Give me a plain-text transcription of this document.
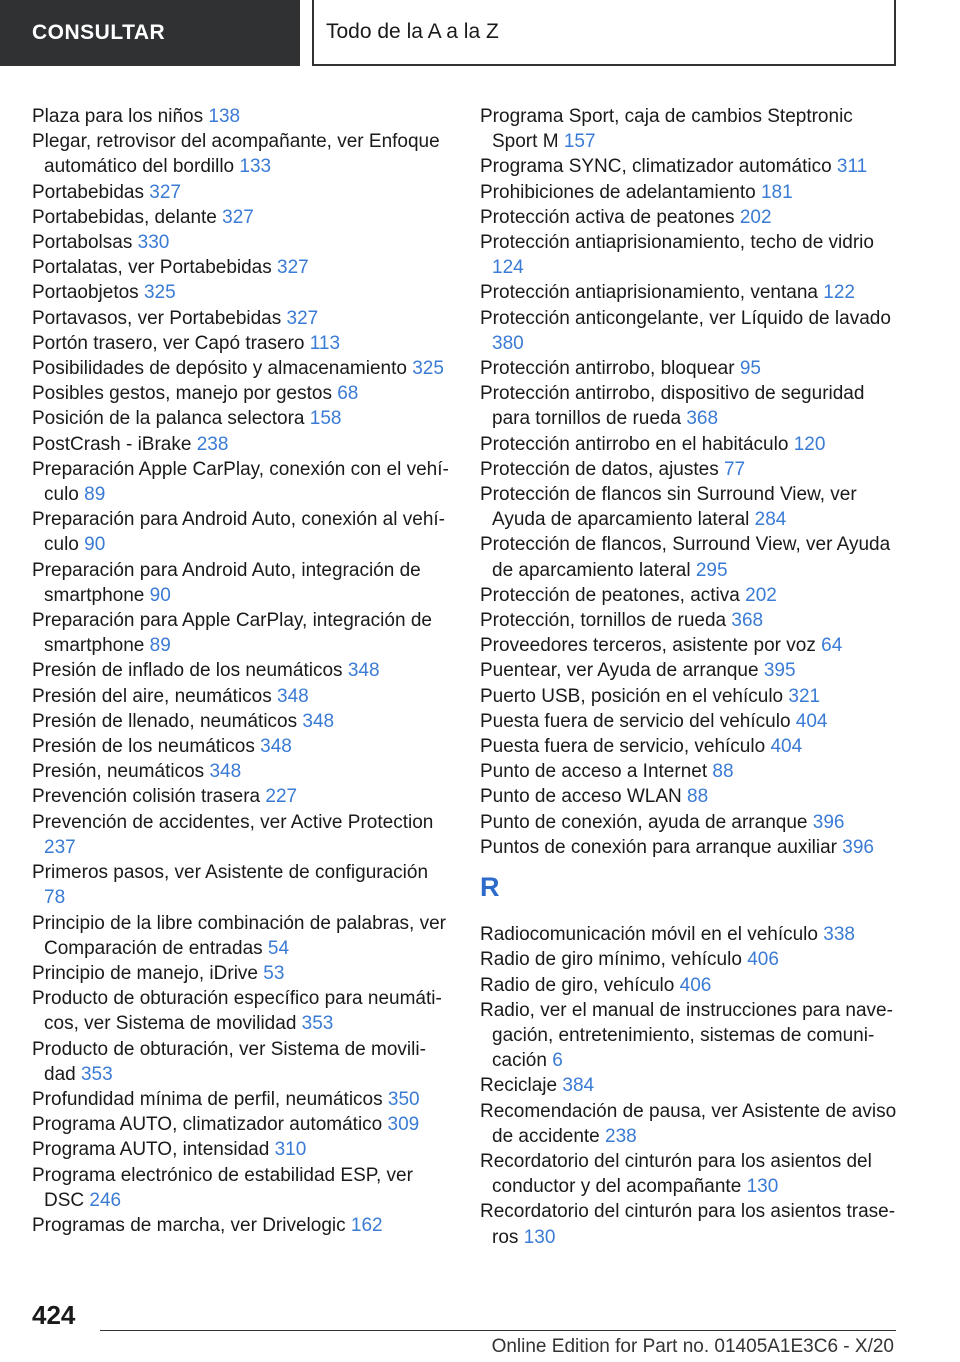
CONSULTAR	Todo de la A a la Z
Plaza para los niños 138
Plegar, retrovisor del acompañante, ver Enfoque automático del bordillo 133
Portabebidas 327
Portabebidas, delante 327
Portabolsas 330
Portalatas, ver Portabebidas 327
Portaobjetos 325
Portavasos, ver Portabebidas 327
Portón trasero, ver Capó trasero 113
Posibilidades de depósito y almacenamiento 325
Posibles gestos, manejo por gestos 68
Posición de la palanca selectora 158
PostCrash - iBrake 238
Preparación Apple CarPlay, conexión con el vehículo 89
Preparación para Android Auto, conexión al vehículo 90
Preparación para Android Auto, integración de smartphone 90
Preparación para Apple CarPlay, integración de smartphone 89
Presión de inflado de los neumáticos 348
Presión del aire, neumáticos 348
Presión de llenado, neumáticos 348
Presión de los neumáticos 348
Presión, neumáticos 348
Prevención colisión trasera 227
Prevención de accidentes, ver Active Protection 237
Primeros pasos, ver Asistente de configuración 78
Principio de la libre combinación de palabras, ver Comparación de entradas 54
Principio de manejo, iDrive 53
Producto de obturación específico para neumáticos, ver Sistema de movilidad 353
Producto de obturación, ver Sistema de movilidad 353
Profundidad mínima de perfil, neumáticos 350
Programa AUTO, climatizador automático 309
Programa AUTO, intensidad 310
Programa electrónico de estabilidad ESP, ver DSC 246
Programas de marcha, ver Drivelogic 162
Programa Sport, caja de cambios Steptronic Sport M 157
Programa SYNC, climatizador automático 311
Prohibiciones de adelantamiento 181
Protección activa de peatones 202
Protección antiaprisionamiento, techo de vidrio 124
Protección antiaprisionamiento, ventana 122
Protección anticongelante, ver Líquido de lavado 380
Protección antirrobo, bloquear 95
Protección antirrobo, dispositivo de seguridad para tornillos de rueda 368
Protección antirrobo en el habitáculo 120
Protección de datos, ajustes 77
Protección de flancos sin Surround View, ver Ayuda de aparcamiento lateral 284
Protección de flancos, Surround View, ver Ayuda de aparcamiento lateral 295
Protección de peatones, activa 202
Protección, tornillos de rueda 368
Proveedores terceros, asistente por voz 64
Puentear, ver Ayuda de arranque 395
Puerto USB, posición en el vehículo 321
Puesta fuera de servicio del vehículo 404
Puesta fuera de servicio, vehículo 404
Punto de acceso a Internet 88
Punto de acceso WLAN 88
Punto de conexión, ayuda de arranque 396
Puntos de conexión para arranque auxiliar 396
R
Radiocomunicación móvil en el vehículo 338
Radio de giro mínimo, vehículo 406
Radio de giro, vehículo 406
Radio, ver el manual de instrucciones para navegación, entretenimiento, sistemas de comunicación 6
Reciclaje 384
Recomendación de pausa, ver Asistente de aviso de accidente 238
Recordatorio del cinturón para los asientos del conductor y del acompañante 130
Recordatorio del cinturón para los asientos traseros 130
424
Online Edition for Part no. 01405A1E3C6 - X/20
